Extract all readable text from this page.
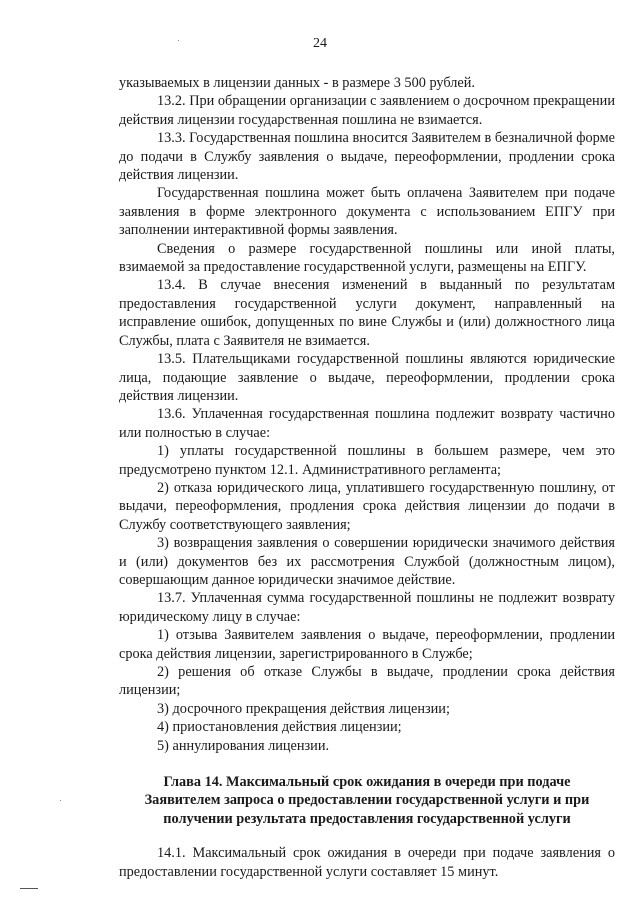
24

указываемых в лицензии данных - в размере 3 500 рублей.

13.2. При обращении организации с заявлением о досрочном прекращении действия лицензии государственная пошлина не взимается.

13.3. Государственная пошлина вносится Заявителем в безналичной форме до подачи в Службу заявления о выдаче, переоформлении, продлении срока действия лицензии.

Государственная пошлина может быть оплачена Заявителем при подаче заявления в форме электронного документа с использованием ЕПГУ при заполнении интерактивной формы заявления.

Сведения о размере государственной пошлины или иной платы, взимаемой за предоставление государственной услуги, размещены на ЕПГУ.

13.4. В случае внесения изменений в выданный по результатам предоставления государственной услуги документ, направленный на исправление ошибок, допущенных по вине Службы и (или) должностного лица Службы, плата с Заявителя не взимается.

13.5. Плательщиками государственной пошлины являются юридические лица, подающие заявление о выдаче, переоформлении, продлении срока действия лицензии.

13.6. Уплаченная государственная пошлина подлежит возврату частично или полностью в случае:

1) уплаты государственной пошлины в большем размере, чем это предусмотрено пунктом 12.1. Административного регламента;

2) отказа юридического лица, уплатившего государственную пошлину, от выдачи, переоформления, продления срока действия лицензии до подачи в Службу соответствующего заявления;

3) возвращения заявления о совершении юридически значимого действия и (или) документов без их рассмотрения Службой (должностным лицом), совершающим данное юридически значимое действие.

13.7. Уплаченная сумма государственной пошлины не подлежит возврату юридическому лицу в случае:

1) отзыва Заявителем заявления о выдаче, переоформлении, продлении срока действия лицензии, зарегистрированного в Службе;

2) решения об отказе Службы в выдаче, продлении срока действия лицензии;

3) досрочного прекращения действия лицензии;

4) приостановления действия лицензии;

5) аннулирования лицензии.

Глава 14. Максимальный срок ожидания в очереди при подаче
Заявителем запроса о предоставлении государственной услуги и при
получении результата предоставления государственной услуги

14.1. Максимальный срок ожидания в очереди при подаче заявления о предоставлении государственной услуги составляет 15 минут.
